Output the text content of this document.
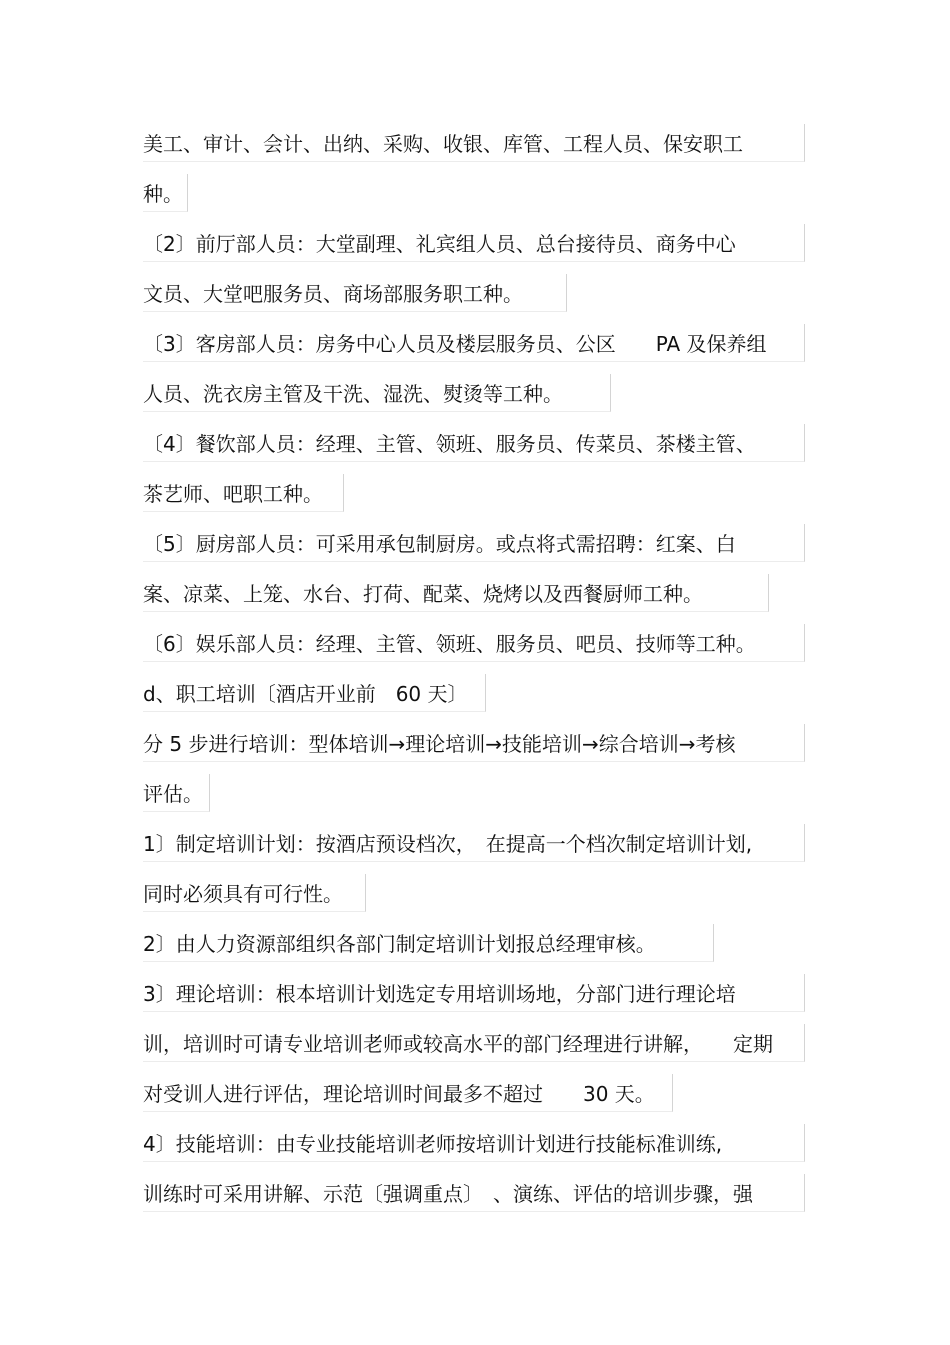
美工、审计、会计、出纳、采购、收银、库管、工程人员、保安职工
种。
〔2〕前厅部人员：大堂副理、礼宾组人员、总台接待员、商务中心
文员、大堂吧服务员、商场部服务职工种。
〔3〕客房部人员：房务中心人员及楼层服务员、公区　　PA 及保养组
人员、洗衣房主管及干洗、湿洗、熨烫等工种。
〔4〕餐饮部人员：经理、主管、领班、服务员、传菜员、茶楼主管、
茶艺师、吧职工种。
〔5〕厨房部人员：可采用承包制厨房。或点将式需招聘：红案、白
案、凉菜、上笼、水台、打荷、配菜、烧烤以及西餐厨师工种。
〔6〕娱乐部人员：经理、主管、领班、服务员、吧员、技师等工种。
d、职工培训〔酒店开业前　60 天〕
分 5 步进行培训：型体培训→理论培训→技能培训→综合培训→考核
评估。
1〕制定培训计划：按酒店预设档次，　在提高一个档次制定培训计划,
同时必须具有可行性。
2〕由人力资源部组织各部门制定培训计划报总经理审核。
3〕理论培训：根本培训计划选定专用培训场地，分部门进行理论培
训，培训时可请专业培训老师或较高水平的部门经理进行讲解，　　定期
对受训人进行评估，理论培训时间最多不超过　　30 天。
4〕技能培训：由专业技能培训老师按培训计划进行技能标准训练,
训练时可采用讲解、示范〔强调重点〕　、演练、评估的培训步骤，强
